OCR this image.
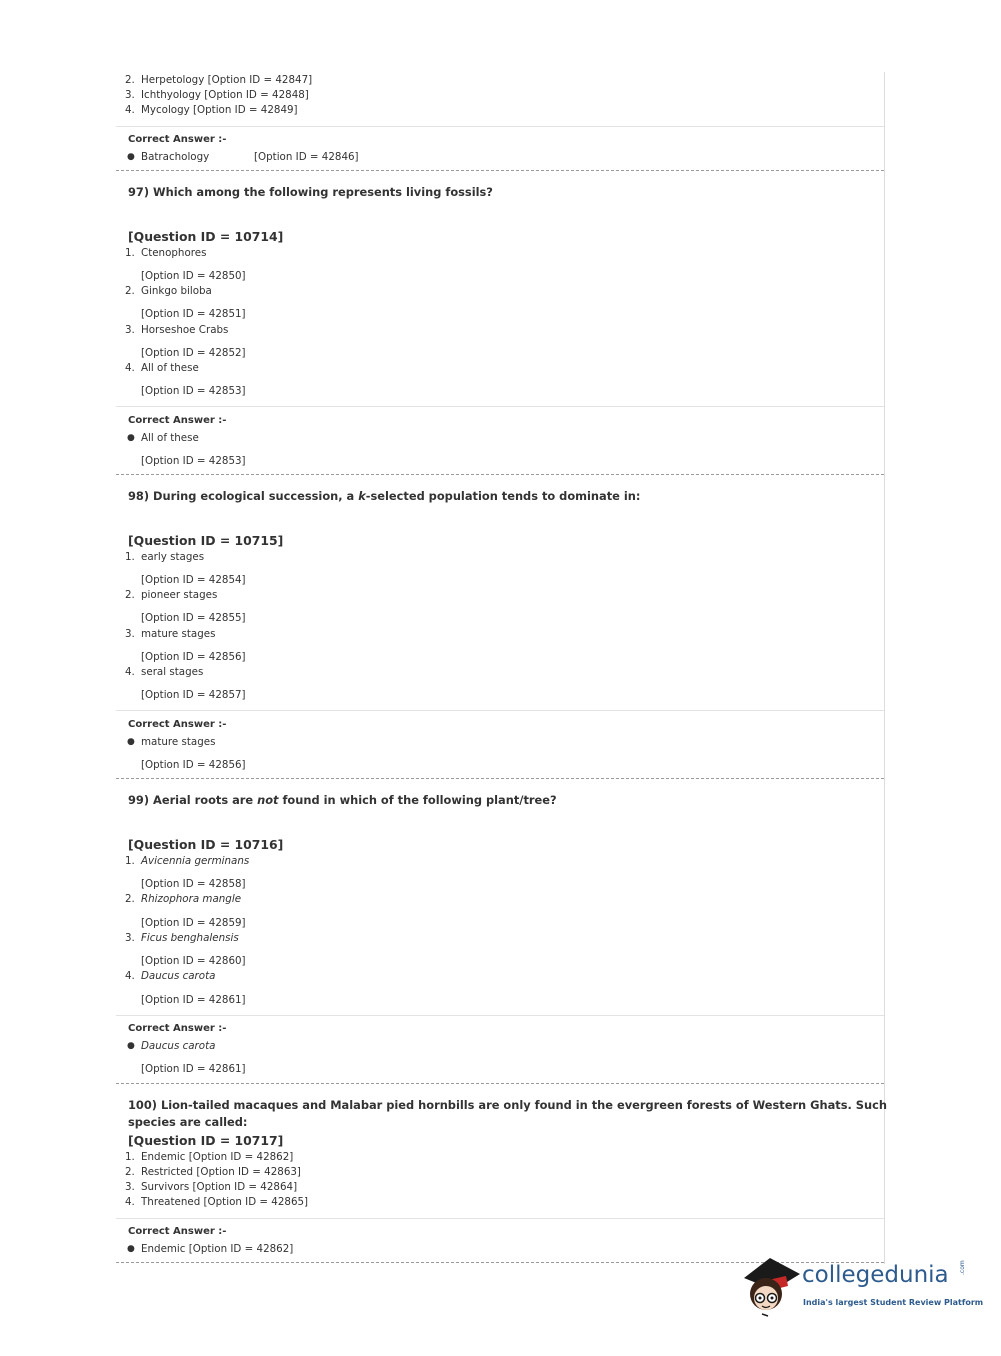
2. Herpetology [Option ID = 42847]
3. Ichthyology [Option ID = 42848]
4. Mycology [Option ID = 42849]
Correct Answer :-
● Batrachology	[Option ID = 42846]
97) Which among the following represents living fossils?
[Question ID = 10714]
1. Ctenophores
[Option ID = 42850]
2. Ginkgo biloba
[Option ID = 42851]
3. Horseshoe Crabs
[Option ID = 42852]
4. All of these
[Option ID = 42853]
Correct Answer :-
● All of these
[Option ID = 42853]
98) During ecological succession, a k-selected population tends to dominate in:
[Question ID = 10715]
1. early stages
[Option ID = 42854]
2. pioneer stages
[Option ID = 42855]
3. mature stages
[Option ID = 42856]
4. seral stages
[Option ID = 42857]
Correct Answer :-
● mature stages
[Option ID = 42856]
99) Aerial roots are not found in which of the following plant/tree?
[Question ID = 10716]
1. Avicennia germinans
[Option ID = 42858]
2. Rhizophora mangle
[Option ID = 42859]
3. Ficus benghalensis
[Option ID = 42860]
4. Daucus carota
[Option ID = 42861]
Correct Answer :-
● Daucus carota
[Option ID = 42861]
100) Lion-tailed macaques and Malabar pied hornbills are only found in the evergreen forests of Western Ghats. Such
species are called:
[Question ID = 10717]
1. Endemic [Option ID = 42862]
2. Restricted [Option ID = 42863]
3. Survivors [Option ID = 42864]
4. Threatened [Option ID = 42865]
Correct Answer :-
● Endemic [Option ID = 42862]
collegedunia .com
India's largest Student Review Platform
